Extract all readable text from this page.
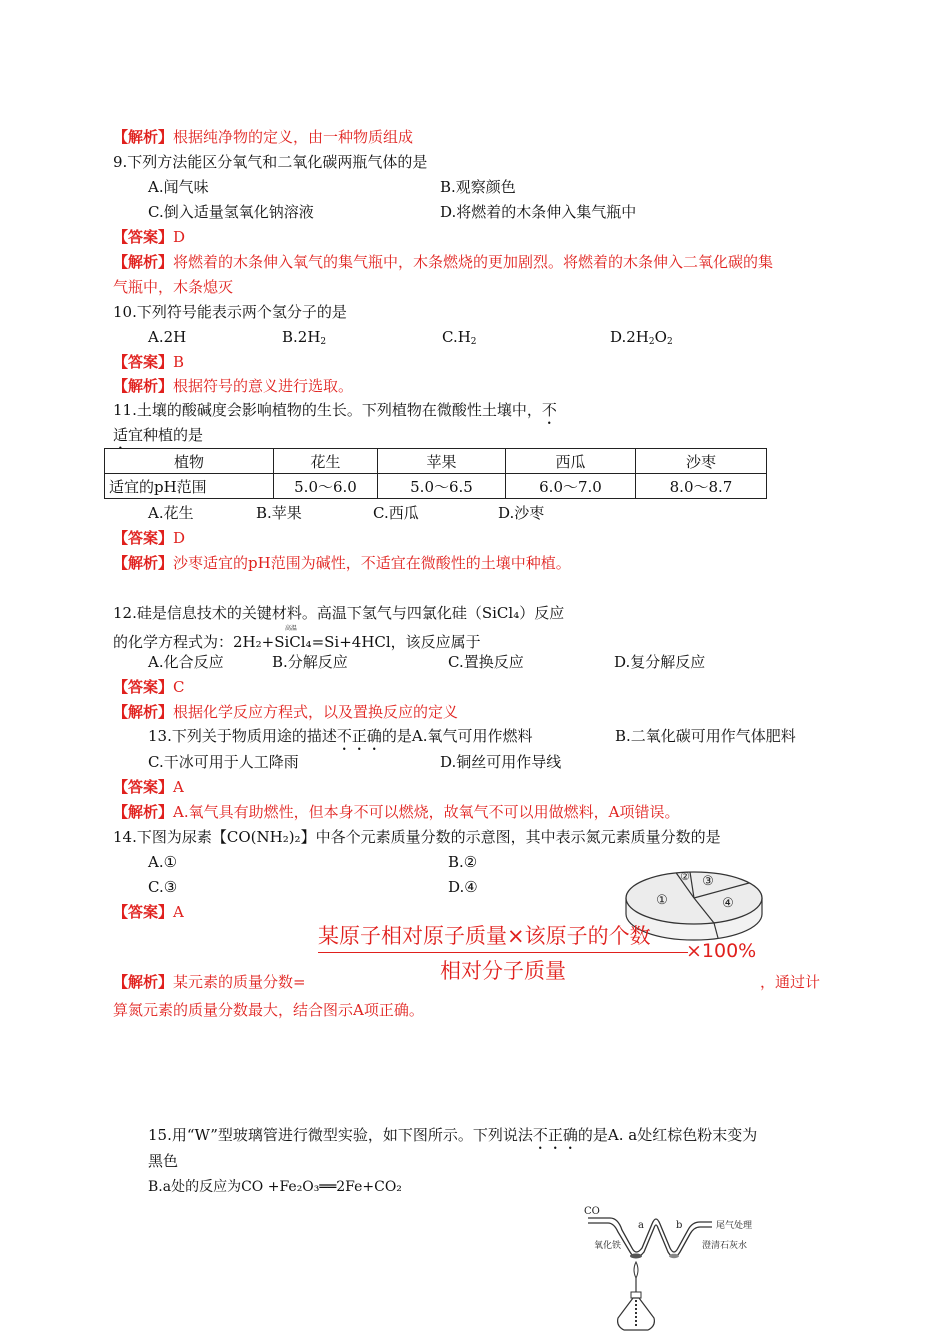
【解析】根据纯净物的定义，由一种物质组成
9.下列方法能区分氧气和二氧化碳两瓶气体的是
A.闻气味	B.观察颜色
C.倒入适量氢氧化钠溶液	D.将燃着的木条伸入集气瓶中
【答案】D
【解析】将燃着的木条伸入氧气的集气瓶中，木条燃烧的更加剧烈。将燃着的木条伸入二氧化碳的集
气瓶中，木条熄灭
10.下列符号能表示两个氢分子的是
A.2H	$B.2H_2$	$C.H_2$	$D.2H_2O_2$
【答案】B
【解析】根据符号的意义进行选取。
11.土壤的酸碱度会影响植物的生长。下列植物在微酸性土壤中，不
适宜种植的是
植物	花生	苹果	西瓜	沙枣
适宜的pH范围	5.0～6.0	5.0～6.5	6.0～7.0	8.0～8.7
A.花生	B.苹果	C.西瓜	D.沙枣
【答案】D
【解析】沙枣适宜的pH范围为碱性，不适宜在微酸性的土壤中种植。
12.硅是信息技术的关键材料。高温下氢气与四氯化硅（SiCl₄）反应
高温
的化学方程式为：2H₂+SiCl₄=Si+4HCl，该反应属于
A.化合反应	B.分解反应	C.置换反应	D.复分解反应
【答案】C
【解析】根据化学反应方程式，以及置换反应的定义
13.下列关于物质用途的描述不正确的是A.氧气可用作燃料	B.二氧化碳可用作气体肥料
C.干冰可用于人工降雨	D.铜丝可用作导线
【答案】A
【解析】A.氧气具有助燃性，但本身不可以燃烧，故氧气不可以用做燃料，A项错误。
14.下图为尿素【CO(NH₂)₂】中各个元素质量分数的示意图，其中表示氮元素质量分数的是
A.①	B.②
C.③	D.④
【答案】A
①
② ③
④
某原子相对原子质量×该原子的个数
相对分子质量
×100%
【解析】某元素的质量分数=	，通过计
算氮元素的质量分数最大，结合图示A项正确。
15.用“W”型玻璃管进行微型实验，如下图所示。下列说法不正确的是A. a处红棕色粉末变为
黑色
B.a处的反应为CO +Fe₂O₃══2Fe+CO₂
CO
a	b	尾气处理
氧化铁	澄清石灰水
